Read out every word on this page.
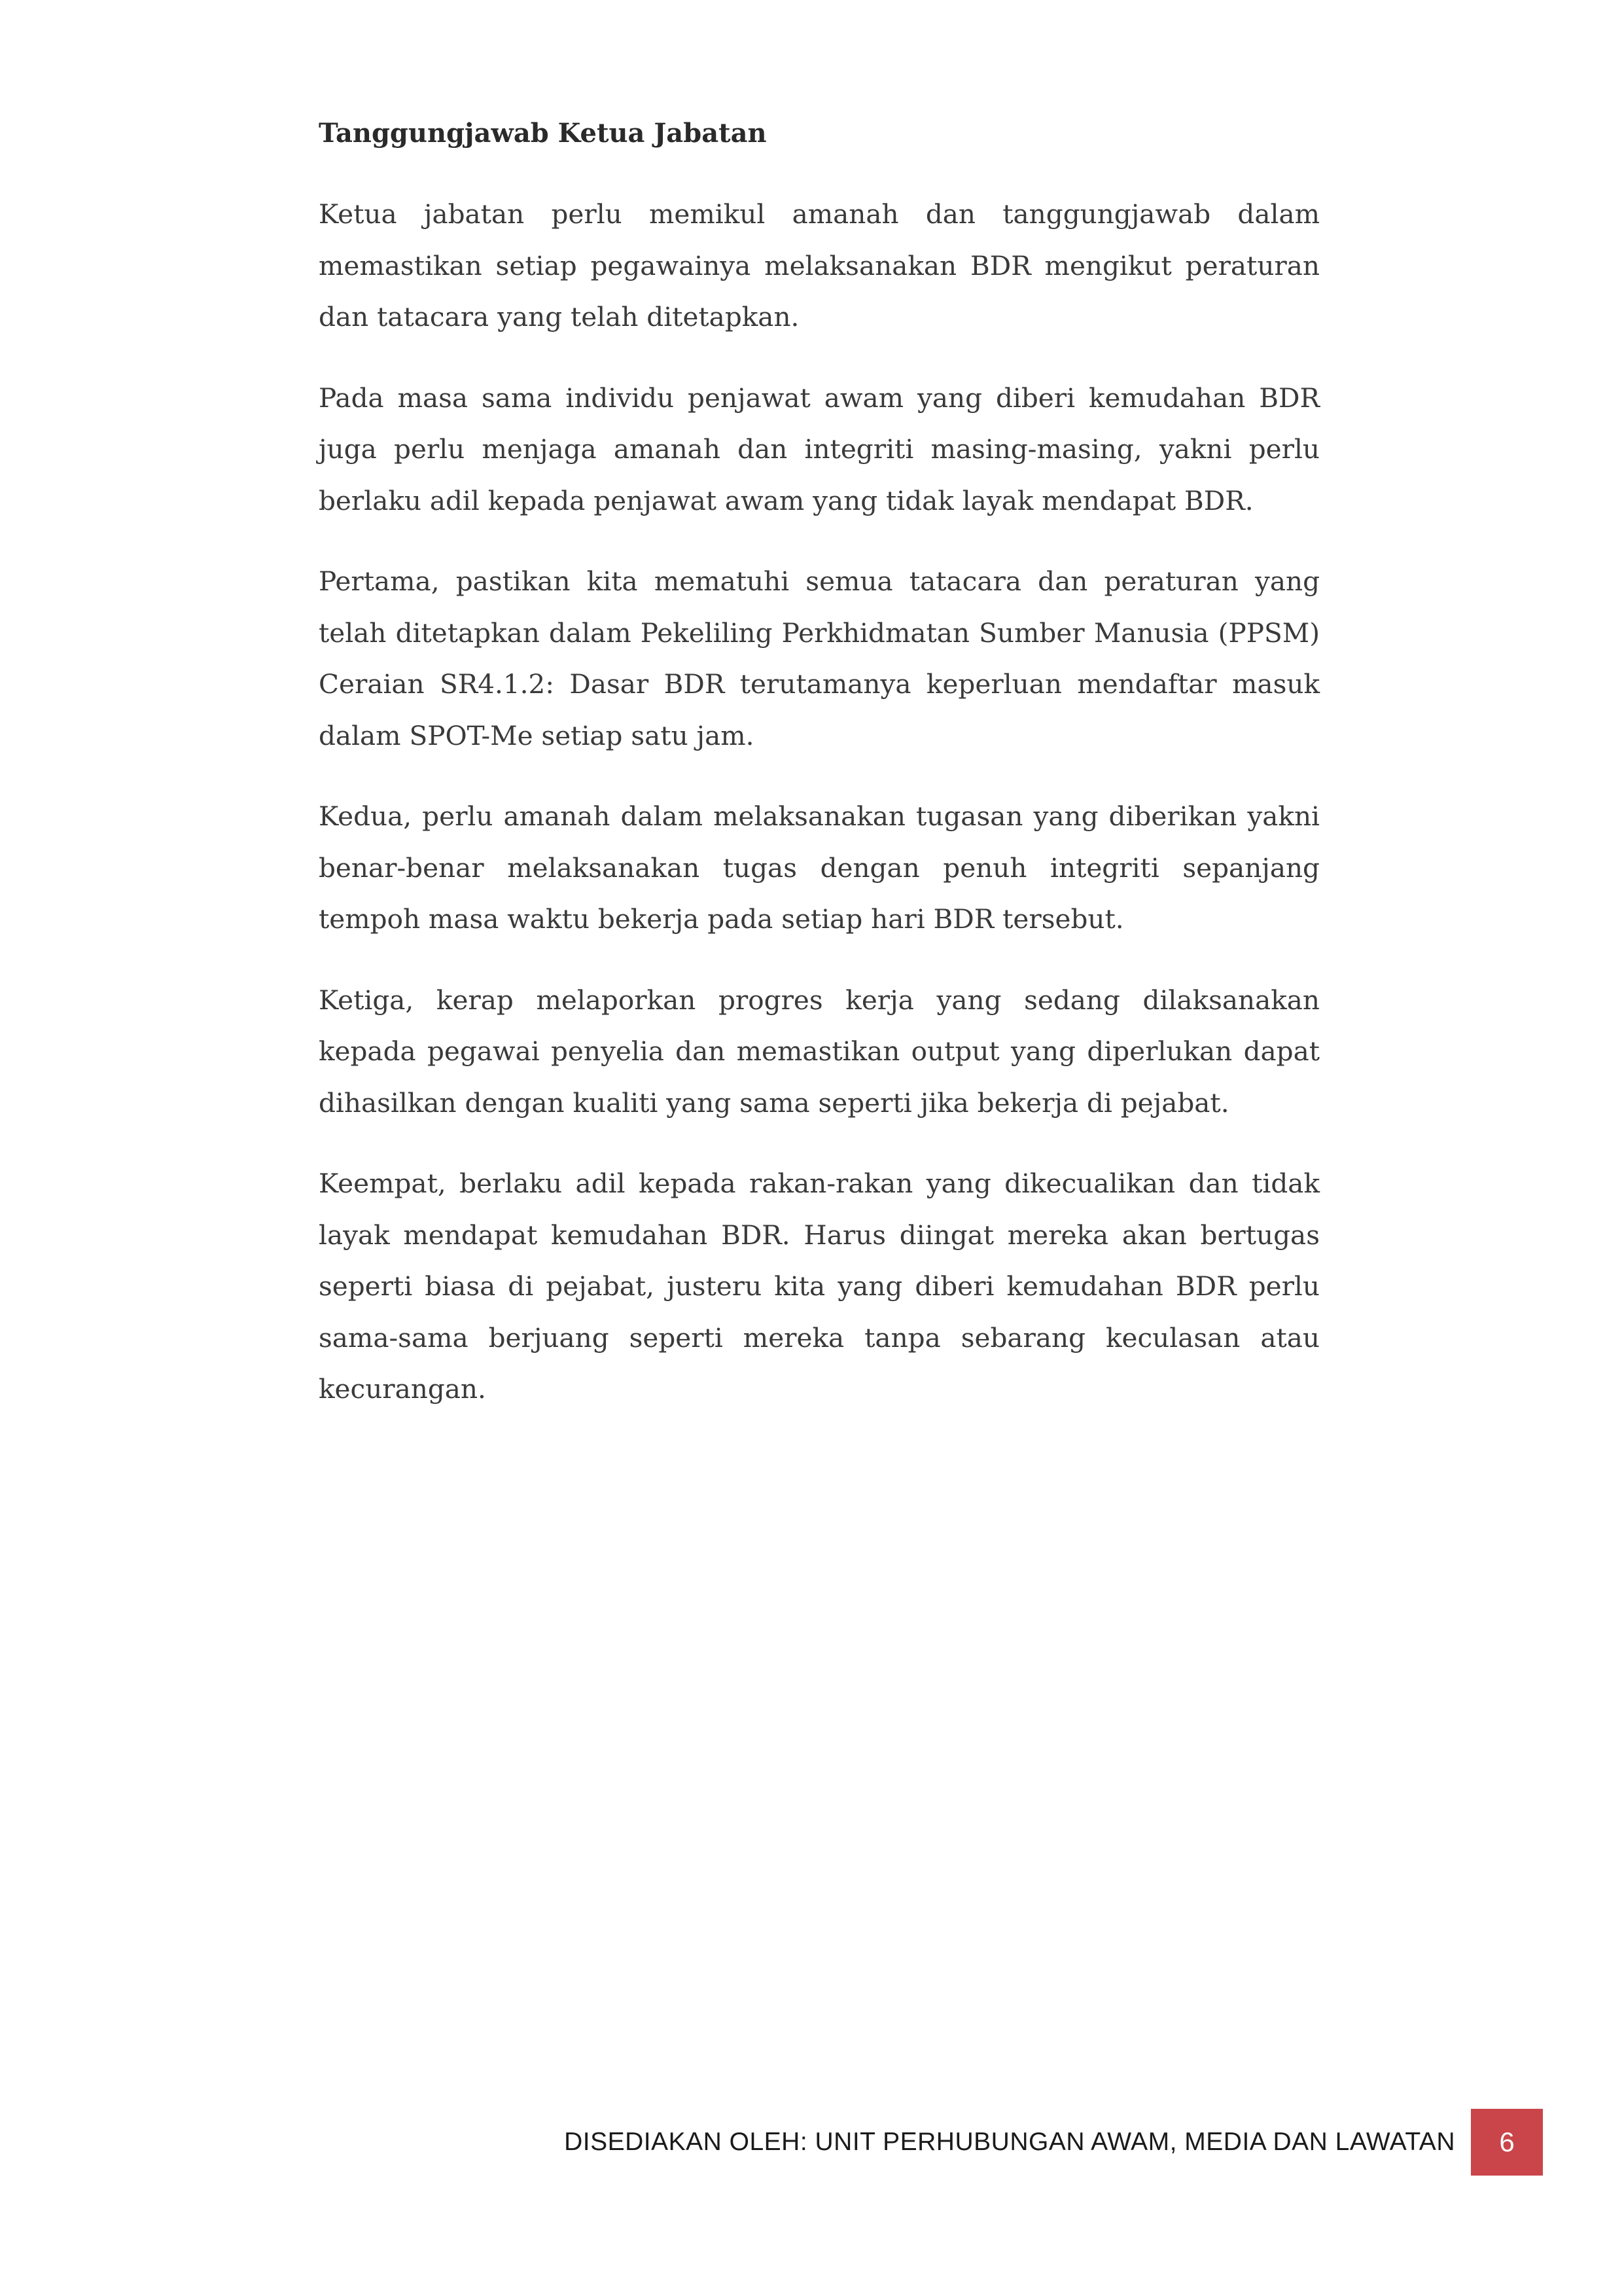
Tanggungjawab Ketua Jabatan

Ketua jabatan perlu memikul amanah dan tanggungjawab dalam memastikan setiap pegawainya melaksanakan BDR mengikut peraturan dan tatacara yang telah ditetapkan.

Pada masa sama individu penjawat awam yang diberi kemudahan BDR juga perlu menjaga amanah dan integriti masing-masing, yakni perlu berlaku adil kepada penjawat awam yang tidak layak mendapat BDR.

Pertama, pastikan kita mematuhi semua tatacara dan peraturan yang telah ditetapkan dalam Pekeliling Perkhidmatan Sumber Manusia (PPSM) Ceraian SR4.1.2: Dasar BDR terutamanya keperluan mendaftar masuk dalam SPOT-Me setiap satu jam.

Kedua, perlu amanah dalam melaksanakan tugasan yang diberikan yakni benar-benar melaksanakan tugas dengan penuh integriti sepanjang tempoh masa waktu bekerja pada setiap hari BDR tersebut.

Ketiga, kerap melaporkan progres kerja yang sedang dilaksanakan kepada pegawai penyelia dan memastikan output yang diperlukan dapat dihasilkan dengan kualiti yang sama seperti jika bekerja di pejabat.

Keempat, berlaku adil kepada rakan-rakan yang dikecualikan dan tidak layak mendapat kemudahan BDR. Harus diingat mereka akan bertugas seperti biasa di pejabat, justeru kita yang diberi kemudahan BDR perlu sama-sama berjuang seperti mereka tanpa sebarang keculasan atau kecurangan.

DISEDIAKAN OLEH: UNIT PERHUBUNGAN AWAM, MEDIA DAN LAWATAN	6
